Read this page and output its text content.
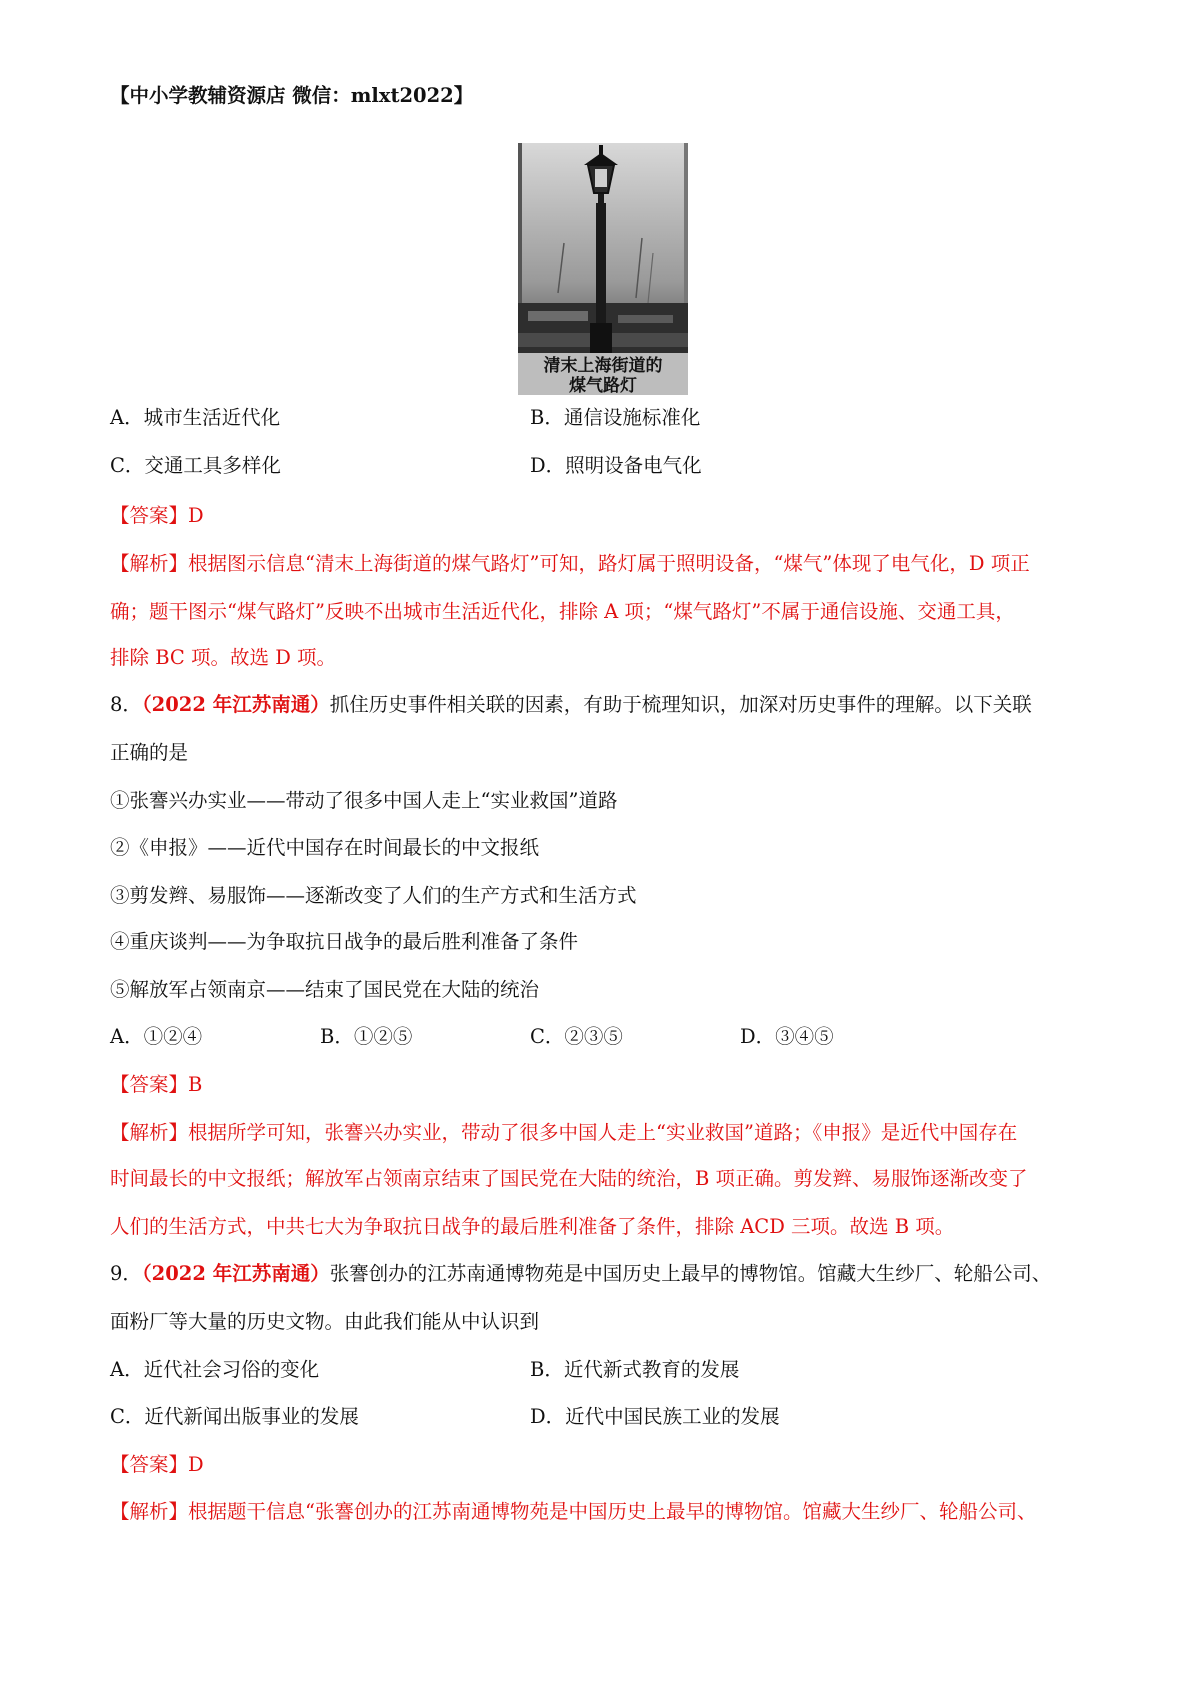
【中小学教辅资源店 微信：mlxt2022】
清末上海街道的
煤气路灯
A．城市生活近代化	B．通信设施标准化
C．交通工具多样化	D．照明设备电气化
【答案】D
【解析】根据图示信息“清末上海街道的煤气路灯”可知，路灯属于照明设备，“煤气”体现了电气化，D 项正
确；题干图示“煤气路灯”反映不出城市生活近代化，排除 A 项；“煤气路灯”不属于通信设施、交通工具，
排除 BC 项。故选 D 项。
8．（2022 年江苏南通）抓住历史事件相关联的因素，有助于梳理知识，加深对历史事件的理解。以下关联
正确的是
①张謇兴办实业——带动了很多中国人走上“实业救国”道路
②《申报》——近代中国存在时间最长的中文报纸
③剪发辫、易服饰——逐渐改变了人们的生产方式和生活方式
④重庆谈判——为争取抗日战争的最后胜利准备了条件
⑤解放军占领南京——结束了国民党在大陆的统治
A．①②④	B．①②⑤	C．②③⑤	D．③④⑤
【答案】B
【解析】根据所学可知，张謇兴办实业，带动了很多中国人走上“实业救国”道路；《申报》是近代中国存在
时间最长的中文报纸；解放军占领南京结束了国民党在大陆的统治，B 项正确。剪发辫、易服饰逐渐改变了
人们的生活方式，中共七大为争取抗日战争的最后胜利准备了条件，排除 ACD 三项。故选 B 项。
9．（2022 年江苏南通）张謇创办的江苏南通博物苑是中国历史上最早的博物馆。馆藏大生纱厂、轮船公司、
面粉厂等大量的历史文物。由此我们能从中认识到
A．近代社会习俗的变化	B．近代新式教育的发展
C．近代新闻出版事业的发展	D．近代中国民族工业的发展
【答案】D
【解析】根据题干信息“张謇创办的江苏南通博物苑是中国历史上最早的博物馆。馆藏大生纱厂、轮船公司、
